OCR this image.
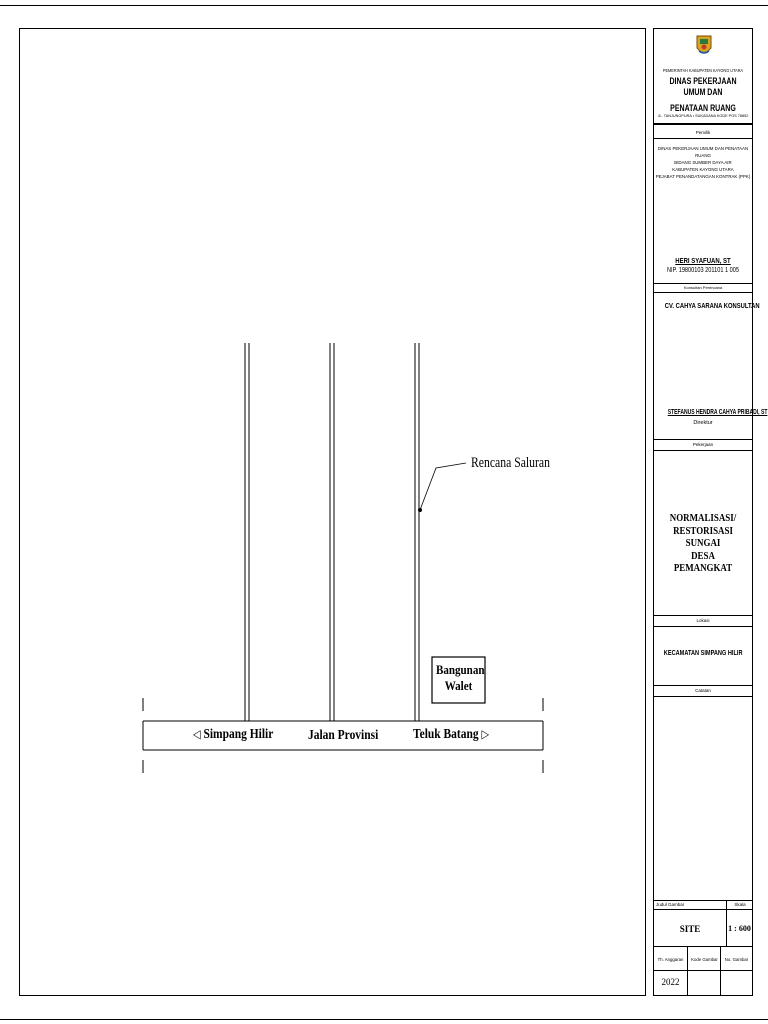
Rencana Saluran
Bangunan
Walet
◁ Simpang Hilir Jalan Provinsi Teluk Batang ▷
PEMERINTAH KABUPATEN KAYONG UTARA
DINAS PEKERJAAN UMUM DAN
PENATAAN RUANG
JL. TANJUNGPURA • SUKADANA KODE POS 78852
Pemilik
DINAS PEKERJAAN UMUM DAN PENATAAN RUANG
BIDANG SUMBER DAYA AIR
KABUPATEN KAYONG UTARA
PEJABAT PENANDATANGAN KONTRAK (PPK)
HERI SYAFUAN, ST
NIP. 19800103 201101 1 005
Konsultan Perencana
CV. CAHYA SARANA KONSULTAN
STEFANUS HENDRA CAHYA PRIBADI, ST
Direktur
Pekerjaan
NORMALISASI/
RESTORISASI SUNGAI
DESA PEMANGKAT
Lokasi
KECAMATAN SIMPANG HILIR
Catatan
Judul Gambar	Skala
SITE	1 : 600
Th. Anggaran	Kode Gambar	No. Gambar
2022
